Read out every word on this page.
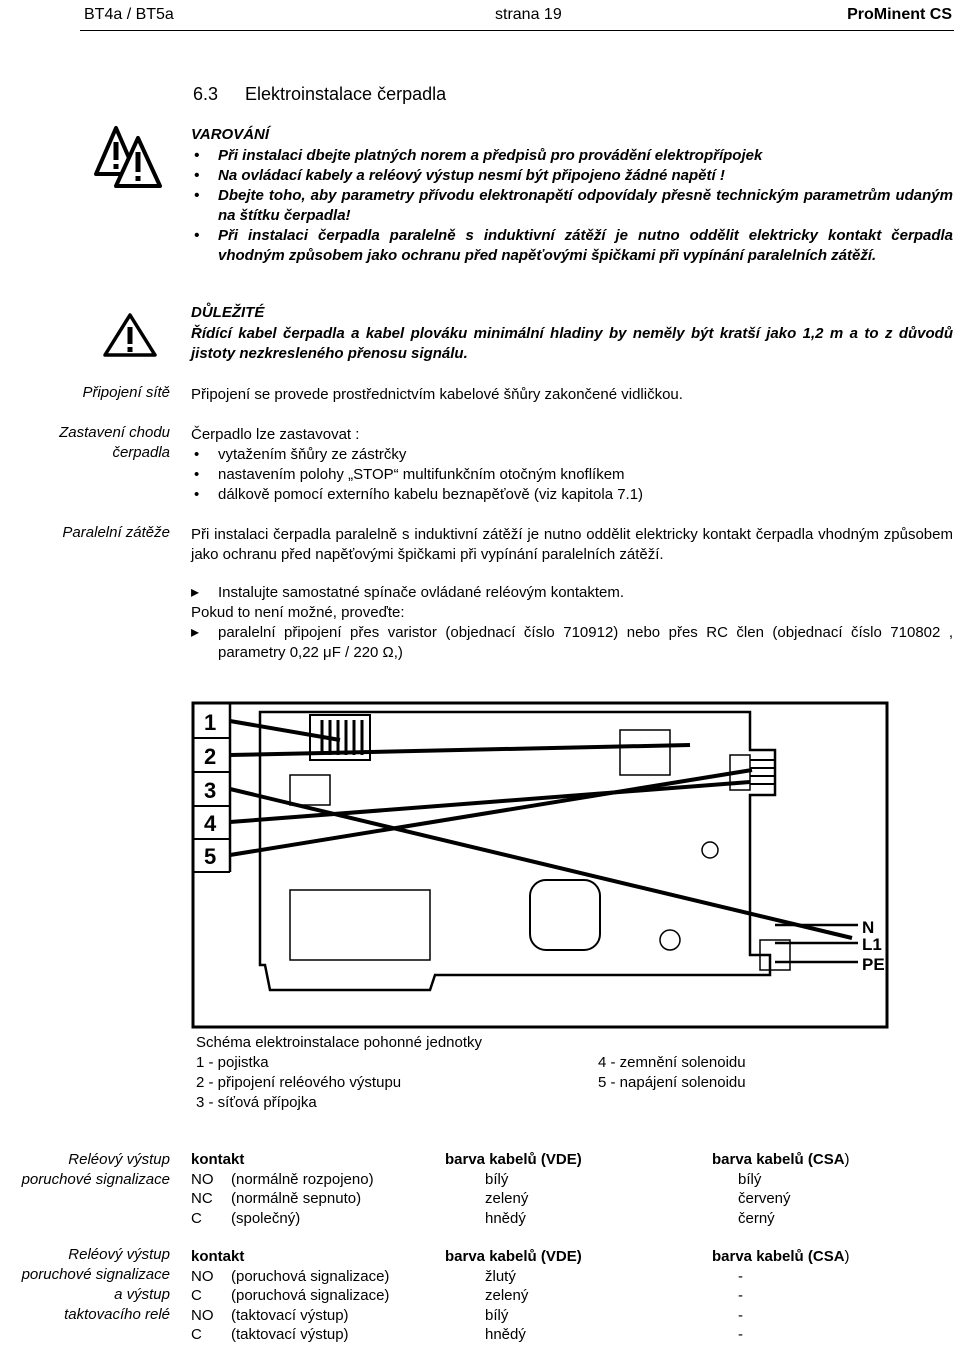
BT4a / BT5a	strana 19	ProMinent CS
6.3 Elektroinstalace čerpadla
VAROVÁNÍ
• Při instalaci dbejte platných norem a předpisů pro provádění elektropřípojek
• Na ovládací kabely a reléový výstup nesmí být připojeno žádné napětí !
• Dbejte toho, aby parametry přívodu elektronapětí odpovídaly přesně technickým parametrům udaným na štítku čerpadla!
• Při instalaci čerpadla paralelně s induktivní zátěží je nutno oddělit elektricky kontakt čerpadla vhodným způsobem jako ochranu před napěťovými špičkami při vypínání paralelních zátěží.
DŮLEŽITÉ
Řídící kabel čerpadla a kabel plováku minimální hladiny by neměly být kratší jako 1,2 m a to z důvodů jistoty nezkresleného přenosu signálu.
Připojení sítě Připojení se provede prostřednictvím kabelové šňůry zakončené vidličkou.
Zastavení chodu
čerpadla
Čerpadlo lze zastavovat :
• vytažením šňůry ze zástrčky
• nastavením polohy „STOP“ multifunkčním otočným knoflíkem
• dálkově pomocí externího kabelu beznapěťově (viz kapitola 7.1)
Paralelní zátěže Při instalaci čerpadla paralelně s induktivní zátěží je nutno oddělit elektricky kontakt čerpadla vhodným způsobem jako ochranu před napěťovými špičkami při vypínání paralelních zátěží.
▸ Instalujte samostatné spínače ovládané reléovým kontaktem.
Pokud to není možné, proveďte:
▸ paralelní připojení přes varistor (objednací číslo 710912) nebo přes RC člen (objednací číslo 710802 , parametry 0,22 μF / 220 Ω,)
1
2
3
4
5
N
L1
PE
Schéma elektroinstalace pohonné jednotky
1 - pojistka
2 - připojení reléového výstupu
3 - síťová přípojka
4 - zemnění solenoidu
5 - napájení solenoidu
Reléový výstup
poruchové signalizace
kontakt		barva kabelů (VDE)	barva kabelů (CSA)
NO	(normálně rozpojeno)	bílý	bílý
NC	(normálně sepnuto)	zelený	červený
C	(společný)	hnědý	černý
Reléový výstup
poruchové signalizace
a výstup
taktovacího relé
kontakt		barva kabelů (VDE)	barva kabelů (CSA)
NO	(poruchová signalizace)	žlutý	-
C	(poruchová signalizace)	zelený	-
NO	(taktovací výstup)	bílý	-
C	(taktovací výstup)	hnědý	-
